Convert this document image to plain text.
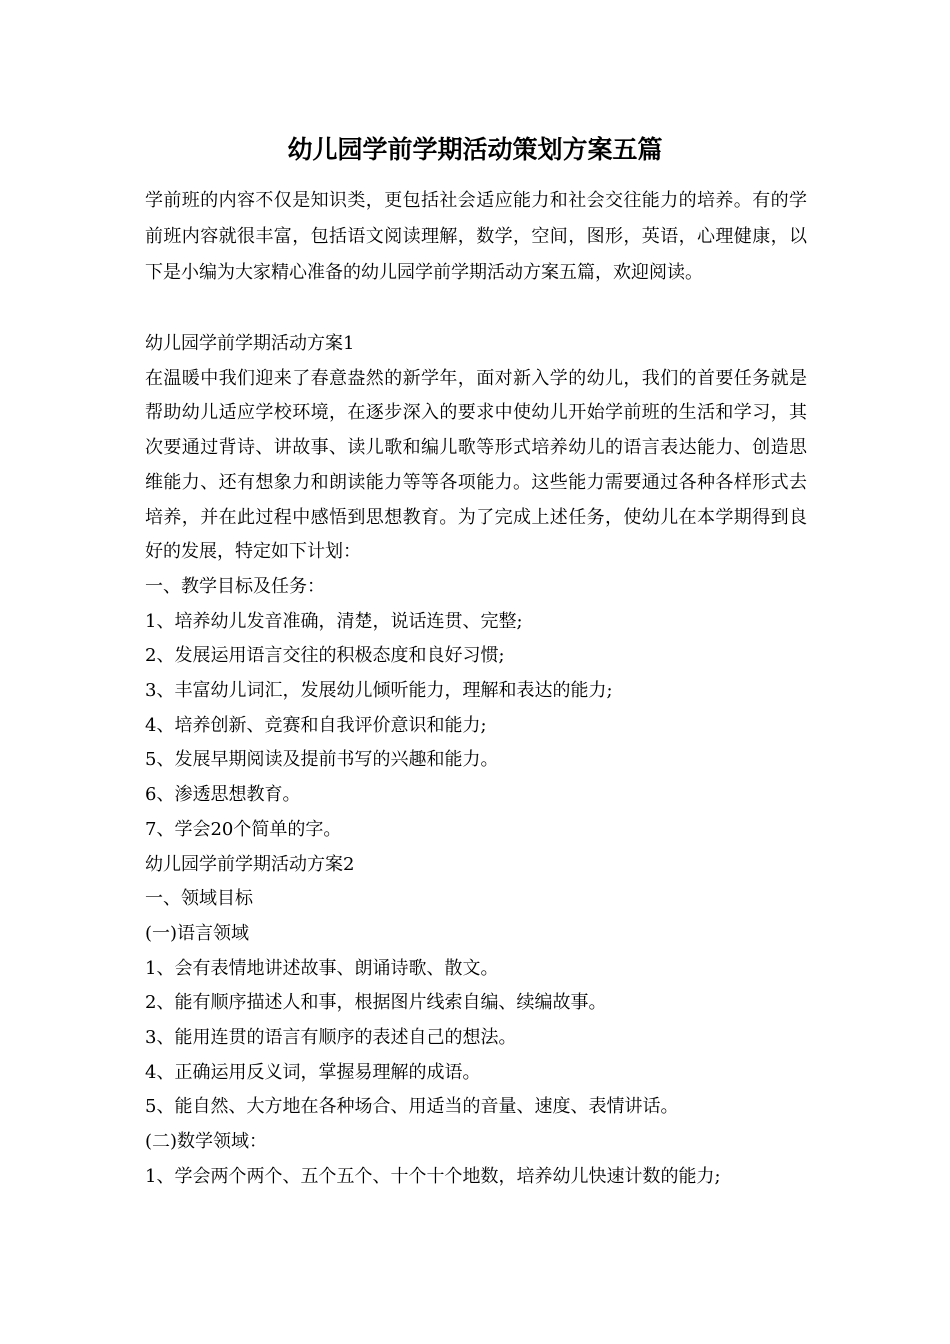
幼儿园学前学期活动策划方案五篇

学前班的内容不仅是知识类，更包括社会适应能力和社会交往能力的培养。有的学前班内容就很丰富，包括语文阅读理解，数学，空间，图形，英语，心理健康，以下是小编为大家精心准备的幼儿园学前学期活动方案五篇，欢迎阅读。

幼儿园学前学期活动方案1
在温暖中我们迎来了春意盎然的新学年，面对新入学的幼儿，我们的首要任务就是帮助幼儿适应学校环境，在逐步深入的要求中使幼儿开始学前班的生活和学习，其次要通过背诗、讲故事、读儿歌和编儿歌等形式培养幼儿的语言表达能力、创造思维能力、还有想象力和朗读能力等等各项能力。这些能力需要通过各种各样形式去培养，并在此过程中感悟到思想教育。为了完成上述任务，使幼儿在本学期得到良好的发展，特定如下计划：
一、教学目标及任务：
1、培养幼儿发音准确，清楚，说话连贯、完整;
2、发展运用语言交往的积极态度和良好习惯;
3、丰富幼儿词汇，发展幼儿倾听能力，理解和表达的能力;
4、培养创新、竞赛和自我评价意识和能力;
5、发展早期阅读及提前书写的兴趣和能力。
6、渗透思想教育。
7、学会20个简单的字。
幼儿园学前学期活动方案2
一、领域目标
(一)语言领域
1、会有表情地讲述故事、朗诵诗歌、散文。
2、能有顺序描述人和事，根据图片线索自编、续编故事。
3、能用连贯的语言有顺序的表述自己的想法。
4、正确运用反义词，掌握易理解的成语。
5、能自然、大方地在各种场合、用适当的音量、速度、表情讲话。
(二)数学领域：
1、学会两个两个、五个五个、十个十个地数，培养幼儿快速计数的能力;
